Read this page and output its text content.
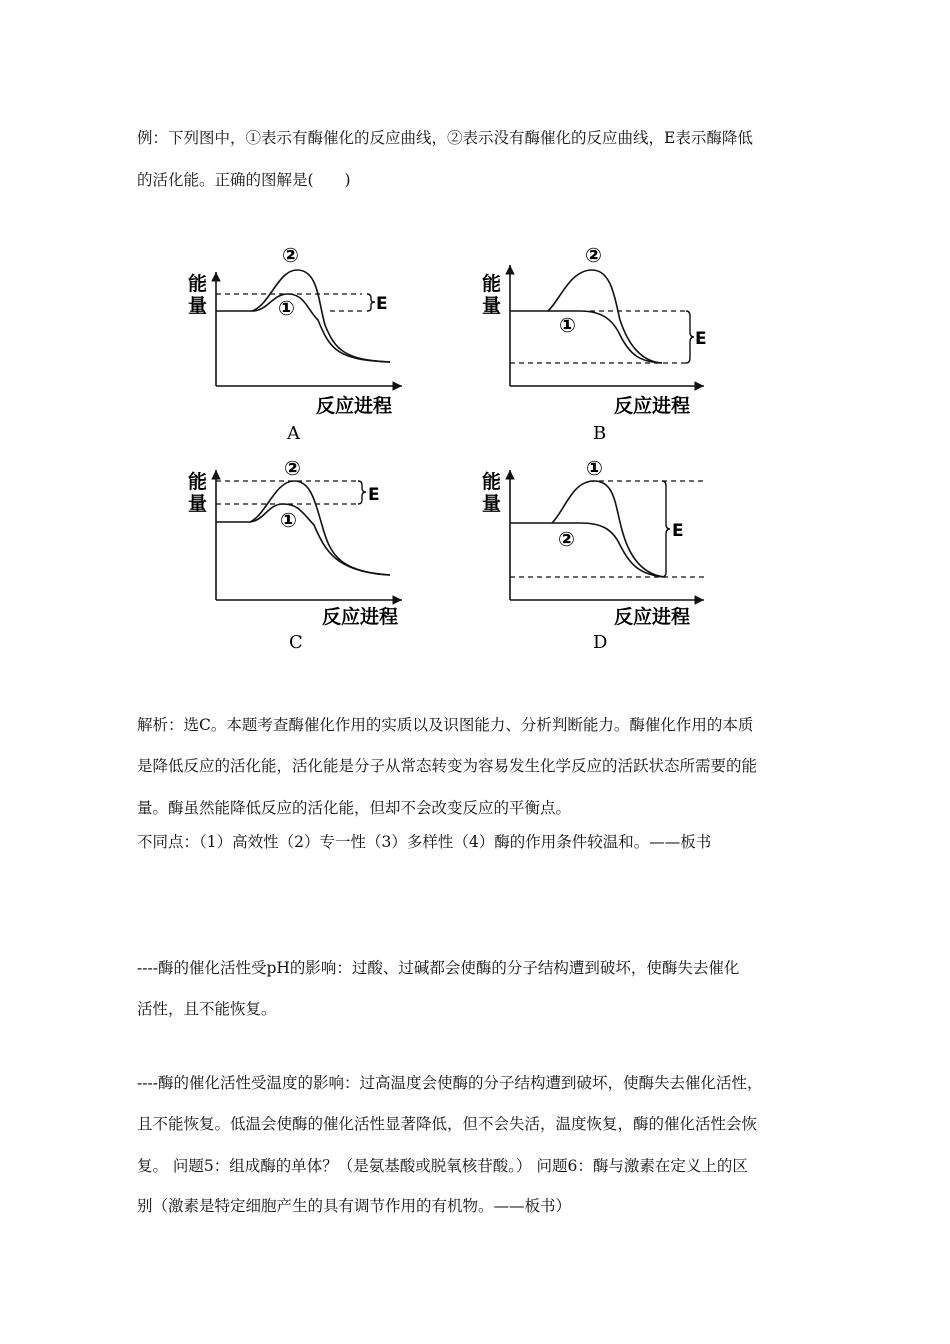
例：下列图中，①表示有酶催化的反应曲线，②表示没有酶催化的反应曲线，E表示酶降低
的活化能。正确的图解是(　　)
能
量
反应进程
E
②
①
A
能
量
反应进程
E
②
①
B
能
量
反应进程
E
②
①
C
能
量
反应进程
E
①
②
D
解析：选C。本题考查酶催化作用的实质以及识图能力、分析判断能力。酶催化作用的本质
是降低反应的活化能，活化能是分子从常态转变为容易发生化学反应的活跃状态所需要的能
量。酶虽然能降低反应的活化能，但却不会改变反应的平衡点。
不同点：（1）高效性（2）专一性（3）多样性（4）酶的作用条件较温和。——板书
----酶的催化活性受pH的影响：过酸、过碱都会使酶的分子结构遭到破坏，使酶失去催化
活性，且不能恢复。
----酶的催化活性受温度的影响：过高温度会使酶的分子结构遭到破坏，使酶失去催化活性，
且不能恢复。低温会使酶的催化活性显著降低，但不会失活，温度恢复，酶的催化活性会恢
复。 问题5：组成酶的单体？（是氨基酸或脱氧核苷酸。） 问题6：酶与激素在定义上的区
别（激素是特定细胞产生的具有调节作用的有机物。——板书）
